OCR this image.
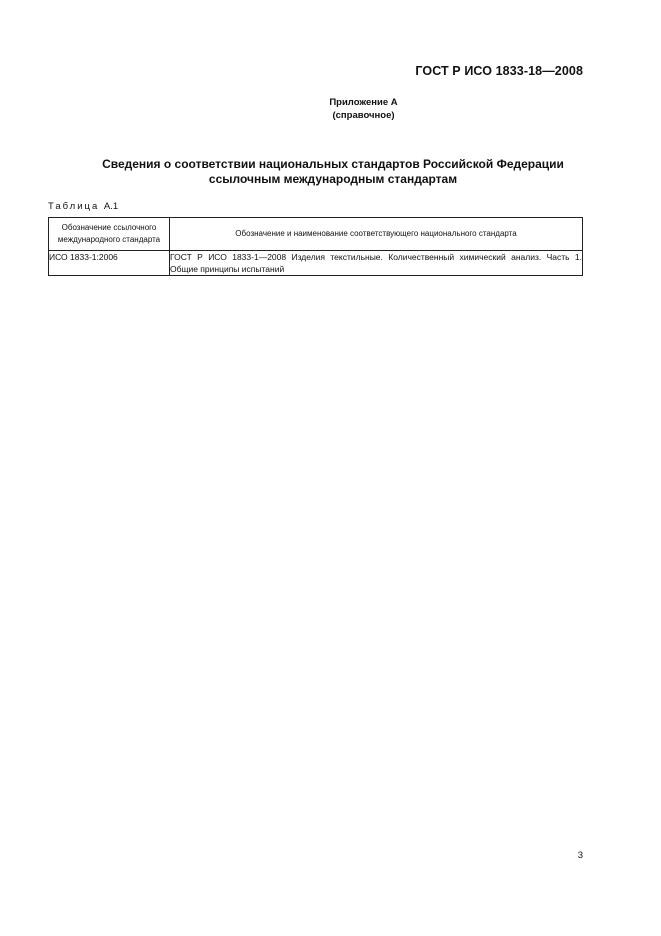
ГОСТ Р ИСО 1833-18—2008
Приложение А
(справочное)
Сведения о соответствии национальных стандартов Российской Федерации
ссылочным международным стандартам
Таблица А.1
Обозначение ссылочного международного стандарта	Обозначение и наименование соответствующего национального стандарта
ИСО 1833-1:2006	ГОСТ Р ИСО 1833-1—2008 Изделия текстильные. Количественный химический анализ. Часть 1. Общие принципы испытаний
3
